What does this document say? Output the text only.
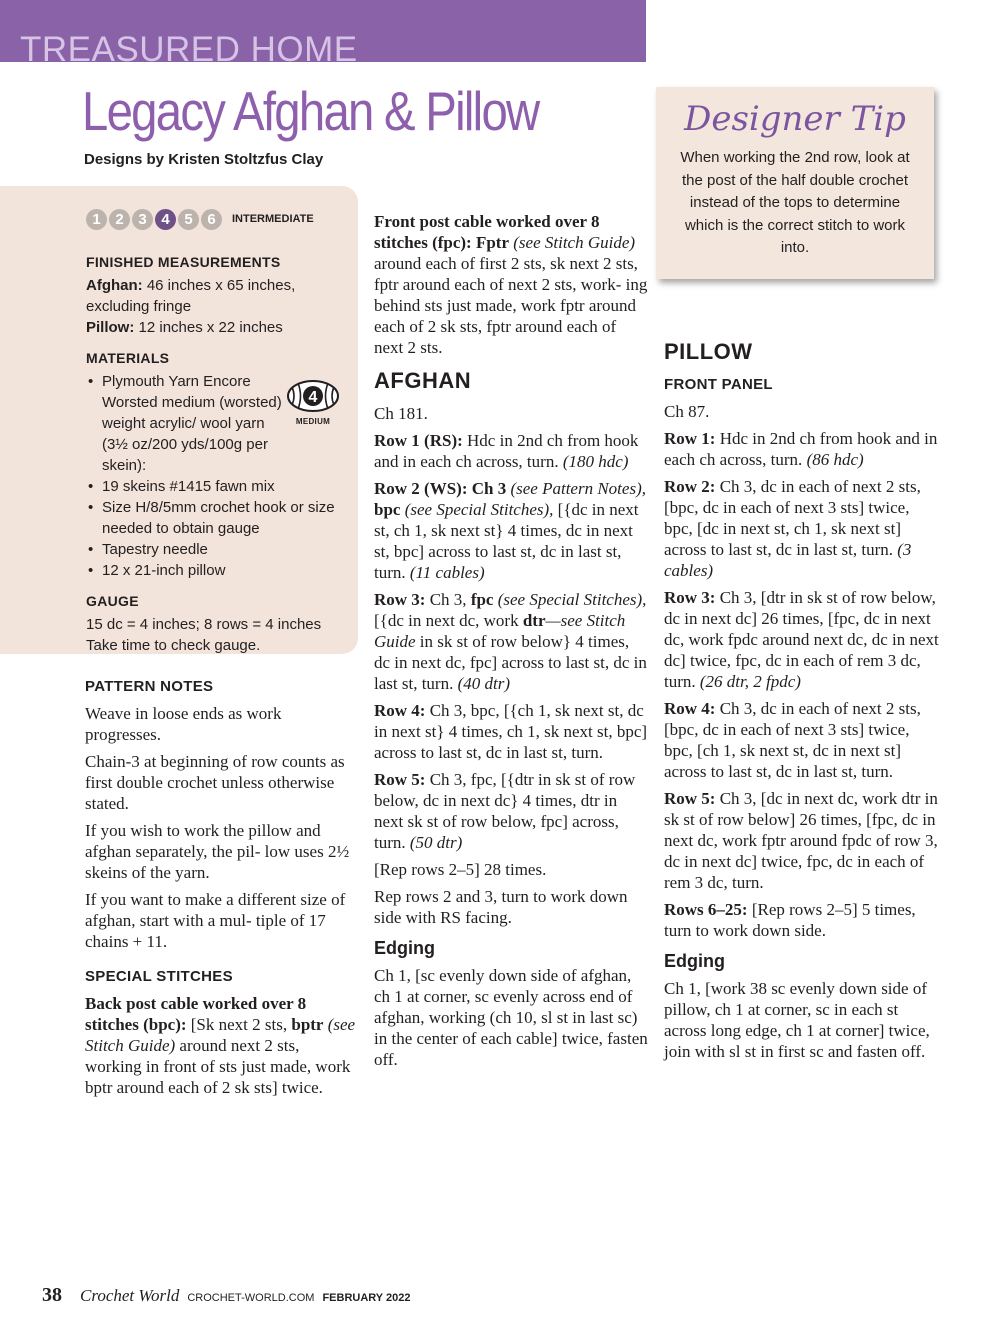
TREASURED HOME
Legacy Afghan & Pillow
Designs by Kristen Stoltzfus Clay
1 2 3 4 5 6	INTERMEDIATE
FINISHED MEASUREMENTS

Afghan: 46 inches x 65 inches, excluding fringe

Pillow: 12 inches x 22 inches

MATERIALS
• Plymouth Yarn Encore Worsted medium (worsted) weight acrylic/ wool yarn (3½ oz/200 yds/100g per skein):
• 19 skeins #1415 fawn mix
• Size H/8/5mm crochet hook or size needed to obtain gauge
• Tapestry needle
• 12 x 21-inch pillow
GAUGE

15 dc = 4 inches; 8 rows = 4 inches

Take time to check gauge.

4
MEDIUM
PATTERN NOTES

Weave in loose ends as work progresses.

Chain-3 at beginning of row counts as first double crochet unless otherwise stated.

If you wish to work the pillow and afghan separately, the pil- low uses 2½ skeins of the yarn.

If you want to make a different size of afghan, start with a mul- tiple of 17 chains + 11.

SPECIAL STITCHES

Back post cable worked over 8 stitches (bpc): [Sk next 2 sts, bptr (see Stitch Guide) around next 2 sts, working in front of sts just made, work bptr around each of 2 sk sts] twice.

Front post cable worked over 8 stitches (fpc): Fptr (see Stitch Guide) around each of first 2 sts, sk next 2 sts, fptr around each of next 2 sts, work- ing behind sts just made, work fptr around each of 2 sk sts, fptr around each of next 2 sts.

AFGHAN

Ch 181.

Row 1 (RS): Hdc in 2nd ch from hook and in each ch across, turn. (180 hdc)

Row 2 (WS): Ch 3 (see Pattern Notes), bpc (see Special Stitches), [{dc in next st, ch 1, sk next st} 4 times, dc in next st, bpc] across to last st, dc in last st, turn. (11 cables)

Row 3: Ch 3, fpc (see Special Stitches), [{dc in next dc, work dtr—see Stitch Guide in sk st of row below} 4 times, dc in next dc, fpc] across to last st, dc in last st, turn. (40 dtr)

Row 4: Ch 3, bpc, [{ch 1, sk next st, dc in next st} 4 times, ch 1, sk next st, bpc] across to last st, dc in last st, turn.

Row 5: Ch 3, fpc, [{dtr in sk st of row below, dc in next dc} 4 times, dtr in next sk st of row below, fpc] across, turn. (50 dtr)

[Rep rows 2–5] 28 times.

Rep rows 2 and 3, turn to work down side with RS facing.

Edging

Ch 1, [sc evenly down side of afghan, ch 1 at corner, sc evenly across end of afghan, working (ch 10, sl st in last sc) in the center of each cable] twice, fasten off.

Designer Tip
When working the 2nd row, look at the post of the half double crochet instead of the tops to determine which is the correct stitch to work into.
PILLOW
FRONT PANEL

Ch 87.

Row 1: Hdc in 2nd ch from hook and in each ch across, turn. (86 hdc)

Row 2: Ch 3, dc in each of next 2 sts, [bpc, dc in each of next 3 sts] twice, bpc, [dc in next st, ch 1, sk next st] across to last st, dc in last st, turn. (3 cables)

Row 3: Ch 3, [dtr in sk st of row below, dc in next dc] 26 times, [fpc, dc in next dc, work fpdc around next dc, dc in next dc] twice, fpc, dc in each of rem 3 dc, turn. (26 dtr, 2 fpdc)

Row 4: Ch 3, dc in each of next 2 sts, [bpc, dc in each of next 3 sts] twice, bpc, [ch 1, sk next st, dc in next st] across to last st, dc in last st, turn.

Row 5: Ch 3, [dc in next dc, work dtr in sk st of row below] 26 times, [fpc, dc in next dc, work fptr around fpdc of row 3, dc in next dc] twice, fpc, dc in each of rem 3 dc, turn.

Rows 6–25: [Rep rows 2–5] 5 times, turn to work down side.

Edging

Ch 1, [work 38 sc evenly down side of pillow, ch 1 at corner, sc in each st across long edge, ch 1 at corner] twice, join with sl st in first sc and fasten off.

38 Crochet World CROCHET-WORLD.COM FEBRUARY 2022
